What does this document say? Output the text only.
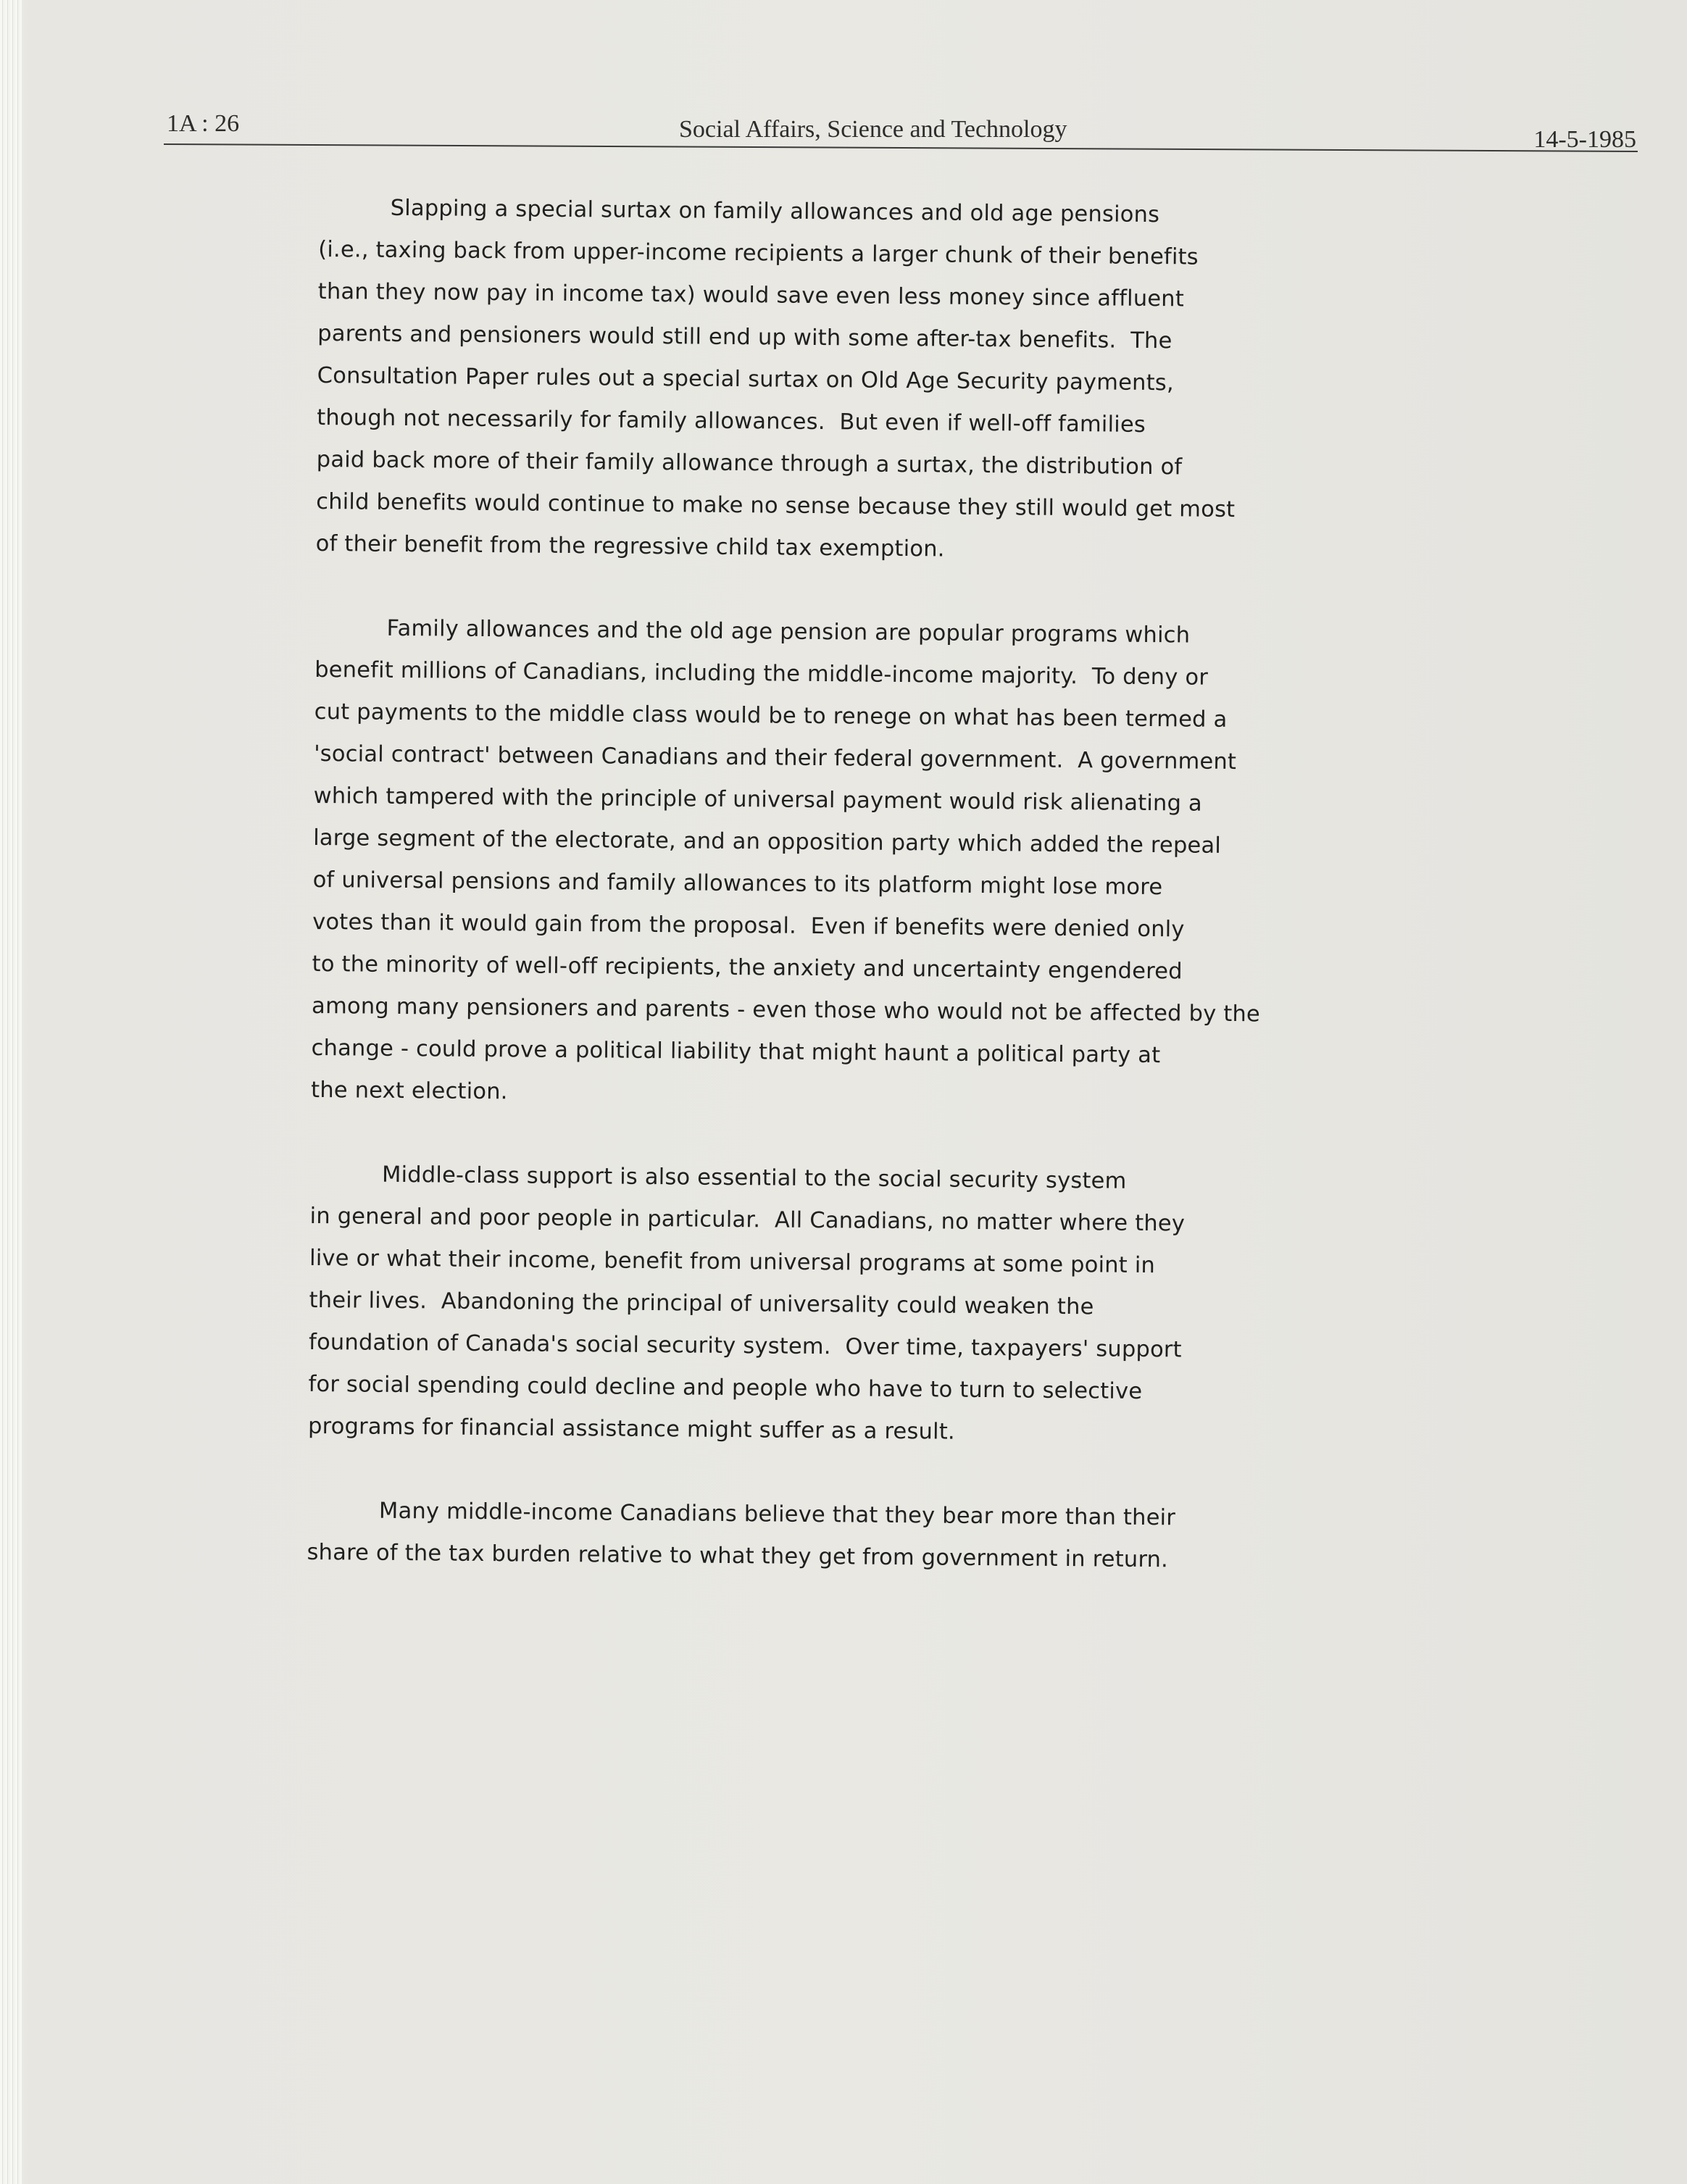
1A : 26	Social Affairs, Science and Technology	14-5-1985
Slapping a special surtax on family allowances and old age pensions
(i.e., taxing back from upper-income recipients a larger chunk of their benefits
than they now pay in income tax) would save even less money since affluent
parents and pensioners would still end up with some after-tax benefits.  The
Consultation Paper rules out a special surtax on Old Age Security payments,
though not necessarily for family allowances.  But even if well-off families
paid back more of their family allowance through a surtax, the distribution of
child benefits would continue to make no sense because they still would get most
of their benefit from the regressive child tax exemption.
Family allowances and the old age pension are popular programs which
benefit millions of Canadians, including the middle-income majority.  To deny or
cut payments to the middle class would be to renege on what has been termed a
'social contract' between Canadians and their federal government.  A government
which tampered with the principle of universal payment would risk alienating a
large segment of the electorate, and an opposition party which added the repeal
of universal pensions and family allowances to its platform might lose more
votes than it would gain from the proposal.  Even if benefits were denied only
to the minority of well-off recipients, the anxiety and uncertainty engendered
among many pensioners and parents - even those who would not be affected by the
change - could prove a political liability that might haunt a political party at
the next election.
Middle-class support is also essential to the social security system
in general and poor people in particular.  All Canadians, no matter where they
live or what their income, benefit from universal programs at some point in
their lives.  Abandoning the principal of universality could weaken the
foundation of Canada's social security system.  Over time, taxpayers' support
for social spending could decline and people who have to turn to selective
programs for financial assistance might suffer as a result.
Many middle-income Canadians believe that they bear more than their
share of the tax burden relative to what they get from government in return.
